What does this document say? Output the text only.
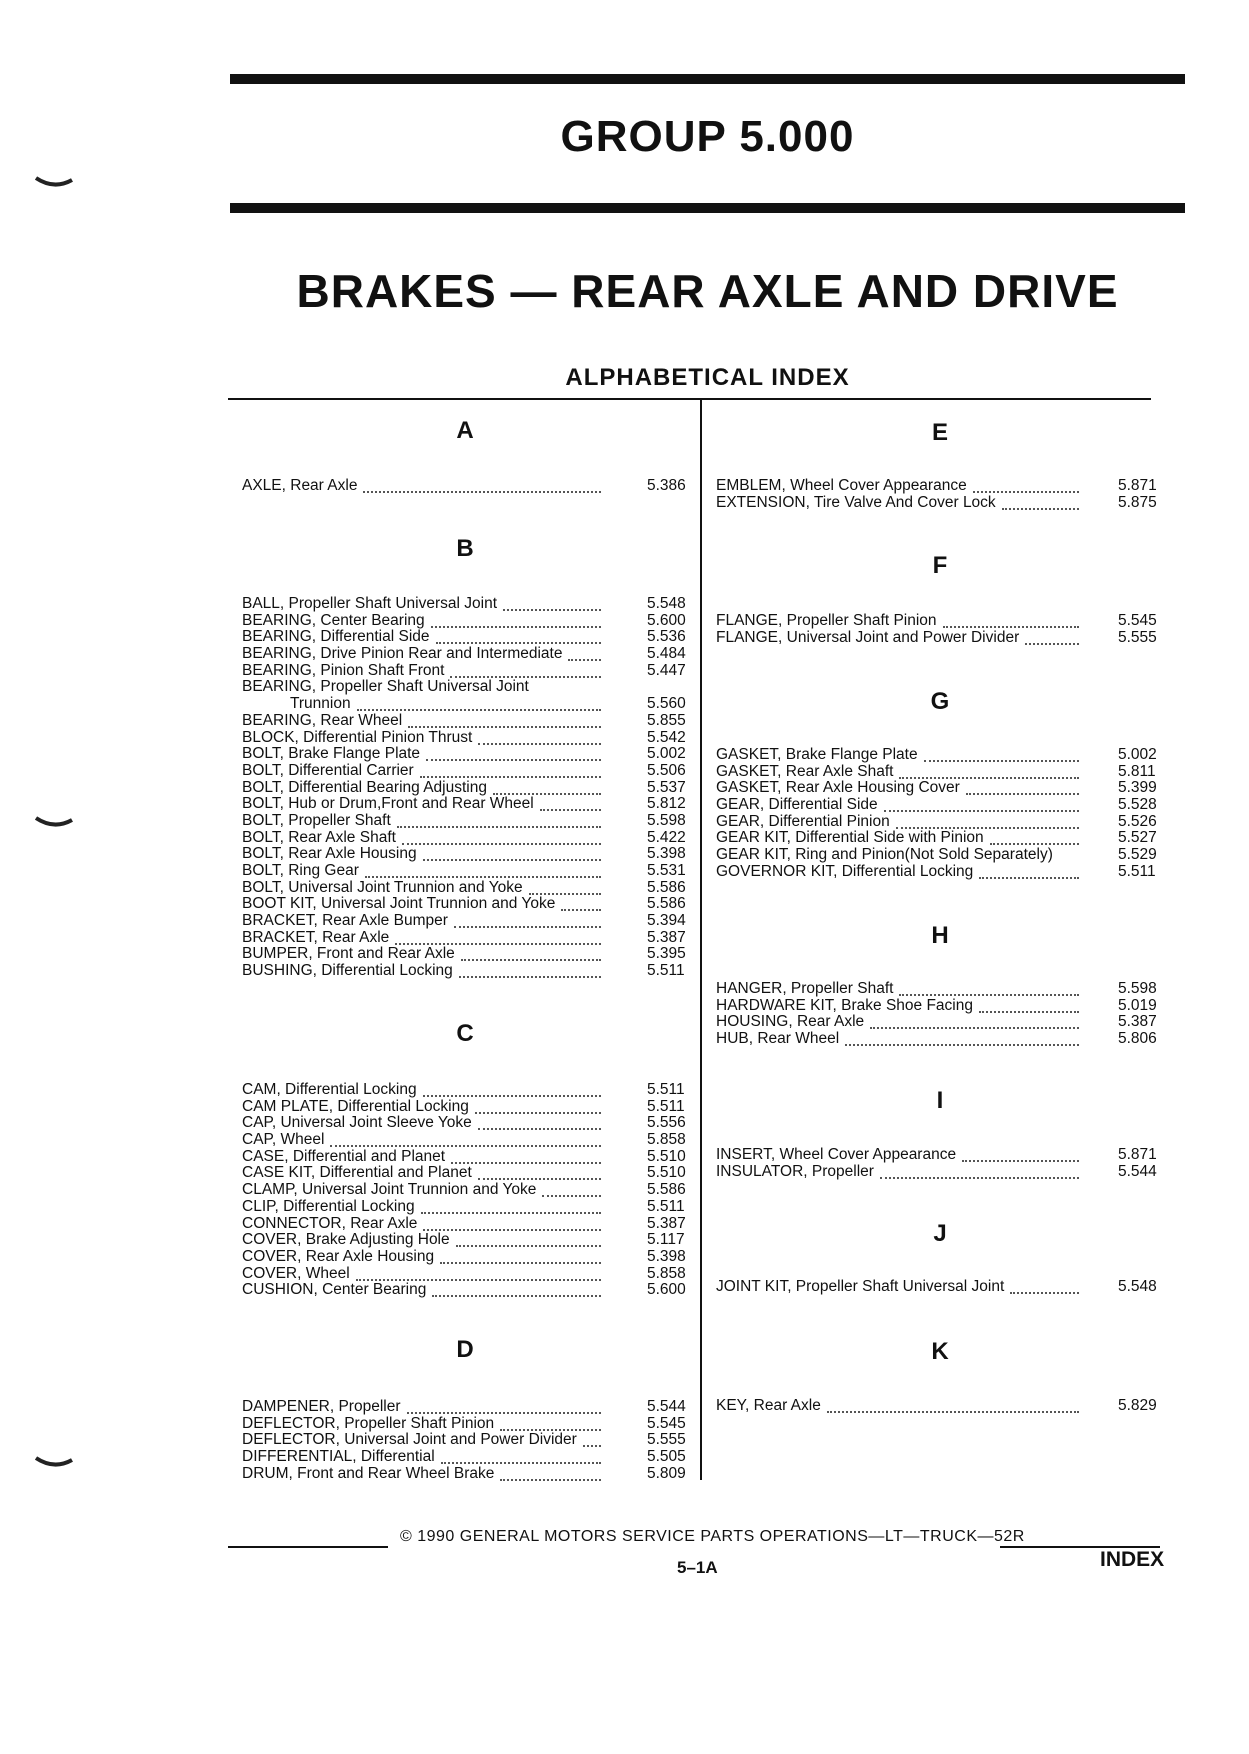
GROUP 5.000
BRAKES — REAR AXLE AND DRIVE
ALPHABETICAL INDEX
A
B
C
D
E
F
G
H
I
J
K
AXLE, Rear Axle	5.386
BALL, Propeller Shaft Universal Joint	5.548
BEARING, Center Bearing	5.600
BEARING, Differential Side	5.536
BEARING, Drive Pinion Rear and Intermediate	5.484
BEARING, Pinion Shaft Front	5.447
BEARING, Propeller Shaft Universal Joint
Trunnion	5.560
BEARING, Rear Wheel	5.855
BLOCK, Differential Pinion Thrust	5.542
BOLT, Brake Flange Plate	5.002
BOLT, Differential Carrier	5.506
BOLT, Differential Bearing Adjusting	5.537
BOLT, Hub or Drum,Front and Rear Wheel	5.812
BOLT, Propeller Shaft	5.598
BOLT, Rear Axle Shaft	5.422
BOLT, Rear Axle Housing	5.398
BOLT, Ring Gear	5.531
BOLT, Universal Joint Trunnion and Yoke	5.586
BOOT KIT, Universal Joint Trunnion and Yoke	5.586
BRACKET, Rear Axle Bumper	5.394
BRACKET, Rear Axle	5.387
BUMPER, Front and Rear Axle	5.395
BUSHING, Differential Locking	5.511
CAM, Differential Locking	5.511
CAM PLATE, Differential Locking	5.511
CAP, Universal Joint Sleeve Yoke	5.556
CAP, Wheel	5.858
CASE, Differential and Planet	5.510
CASE KIT, Differential and Planet	5.510
CLAMP, Universal Joint Trunnion and Yoke	5.586
CLIP, Differential Locking	5.511
CONNECTOR, Rear Axle	5.387
COVER, Brake Adjusting Hole	5.117
COVER, Rear Axle Housing	5.398
COVER, Wheel	5.858
CUSHION, Center Bearing	5.600
DAMPENER, Propeller	5.544
DEFLECTOR, Propeller Shaft Pinion	5.545
DEFLECTOR, Universal Joint and Power Divider	5.555
DIFFERENTIAL, Differential	5.505
DRUM, Front and Rear Wheel Brake	5.809
EMBLEM, Wheel Cover Appearance	5.871
EXTENSION, Tire Valve And Cover Lock	5.875
FLANGE, Propeller Shaft Pinion	5.545
FLANGE, Universal Joint and Power Divider	5.555
GASKET, Brake Flange Plate	5.002
GASKET, Rear Axle Shaft	5.811
GASKET, Rear Axle Housing Cover	5.399
GEAR, Differential Side	5.528
GEAR, Differential Pinion	5.526
GEAR KIT, Differential Side with Pinion	5.527
GEAR KIT, Ring and Pinion(Not Sold Separately)	5.529
GOVERNOR KIT, Differential Locking	5.511
HANGER, Propeller Shaft	5.598
HARDWARE KIT, Brake Shoe Facing	5.019
HOUSING, Rear Axle	5.387
HUB, Rear Wheel	5.806
INSERT, Wheel Cover Appearance	5.871
INSULATOR, Propeller	5.544
JOINT KIT, Propeller Shaft Universal Joint	5.548
KEY, Rear Axle	5.829
© 1990 GENERAL MOTORS SERVICE PARTS OPERATIONS—LT—TRUCK—52R
5–1A	INDEX
